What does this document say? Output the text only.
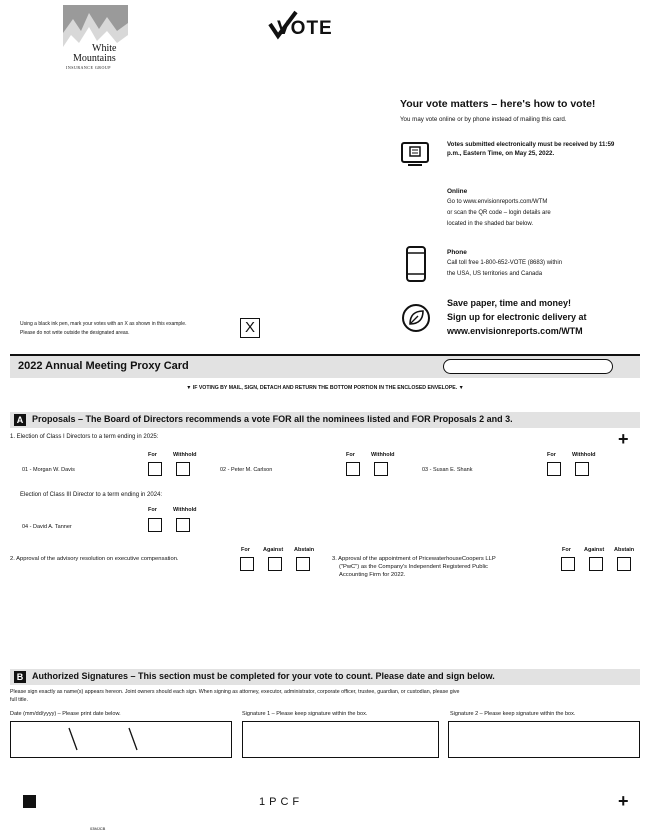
White
Mountains
INSURANCE GROUP
VOTE
Your vote matters – here's how to vote!
You may vote online or by phone instead of mailing this card.
Votes submitted electronically must be received by 11:59 p.m., Eastern Time, on May 25, 2022.
Online
Go to www.envisionreports.com/WTM
or scan the QR code – login details are
located in the shaded bar below.
Phone
Call toll free 1-800-652-VOTE (8683) within
the USA, US territories and Canada
Save paper, time and money!
Sign up for electronic delivery at
www.envisionreports.com/WTM
Using a black ink pen, mark your votes with an X as shown in this example.
Please do not write outside the designated areas.	X
2022 Annual Meeting Proxy Card
▼ IF VOTING BY MAIL, SIGN, DETACH AND RETURN THE BOTTOM PORTION IN THE ENCLOSED ENVELOPE. ▼
A Proposals – The Board of Directors recommends a vote FOR all the nominees listed and FOR Proposals 2 and 3.
1. Election of Class I Directors to a term ending in 2025:	+
For	Withhold	For	Withhold	For	Withhold
01 - Morgan W. Davis	02 - Peter M. Carlson	03 - Susan E. Shank
Election of Class III Director to a term ending in 2024:
For	Withhold
04 - David A. Tanner
2. Approval of the advisory resolution on executive compensation.
For Against Abstain
3. Approval of the appointment of PricewaterhouseCoopers LLP
("PwC") as the Company's Independent Registered Public
Accounting Firm for 2022.
For Against Abstain
B Authorized Signatures – This section must be completed for your vote to count. Please date and sign below.
Please sign exactly as name(s) appears hereon. Joint owners should each sign. When signing as attorney, executor, administrator, corporate officer, trustee, guardian, or custodian, please give
full title.
Date (mm/dd/yyyy) – Please print date below.	Signature 1 – Please keep signature within the box.	Signature 2 – Please keep signature within the box.
1PCF	+
03MJCB
